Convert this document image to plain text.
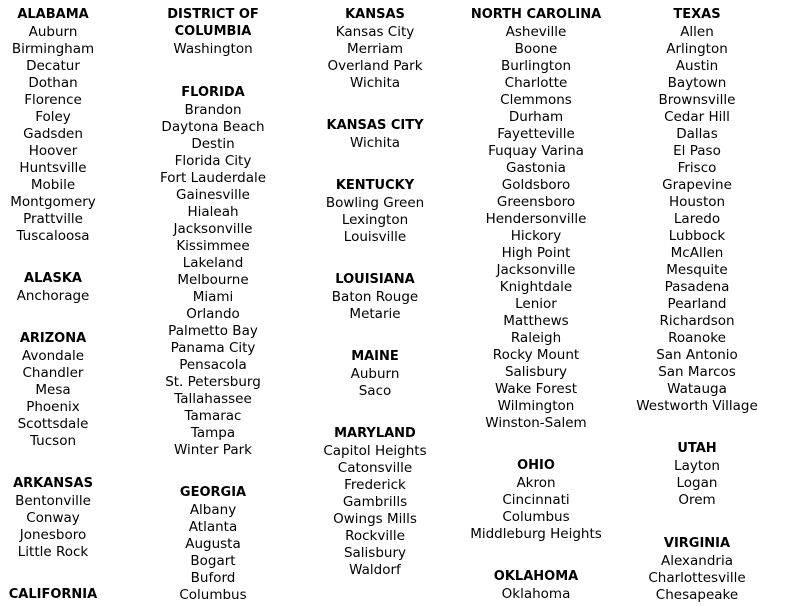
ALABAMA
Auburn
Birmingham
Decatur
Dothan
Florence
Foley
Gadsden
Hoover
Huntsville
Mobile
Montgomery
Prattville
Tuscaloosa
ALASKA
Anchorage
ARIZONA
Avondale
Chandler
Mesa
Phoenix
Scottsdale
Tucson
ARKANSAS
Bentonville
Conway
Jonesboro
Little Rock
CALIFORNIA
DISTRICT OF
COLUMBIA
Washington
FLORIDA
Brandon
Daytona Beach
Destin
Florida City
Fort Lauderdale
Gainesville
Hialeah
Jacksonville
Kissimmee
Lakeland
Melbourne
Miami
Orlando
Palmetto Bay
Panama City
Pensacola
St. Petersburg
Tallahassee
Tamarac
Tampa
Winter Park
GEORGIA
Albany
Atlanta
Augusta
Bogart
Buford
Columbus
KANSAS
Kansas City
Merriam
Overland Park
Wichita
KANSAS CITY
Wichita
KENTUCKY
Bowling Green
Lexington
Louisville
LOUISIANA
Baton Rouge
Metarie
MAINE
Auburn
Saco
MARYLAND
Capitol Heights
Catonsville
Frederick
Gambrills
Owings Mills
Rockville
Salisbury
Waldorf
NORTH CAROLINA
Asheville
Boone
Burlington
Charlotte
Clemmons
Durham
Fayetteville
Fuquay Varina
Gastonia
Goldsboro
Greensboro
Hendersonville
Hickory
High Point
Jacksonville
Knightdale
Lenior
Matthews
Raleigh
Rocky Mount
Salisbury
Wake Forest
Wilmington
Winston-Salem
OHIO
Akron
Cincinnati
Columbus
Middleburg Heights
OKLAHOMA
Oklahoma
TEXAS
Allen
Arlington
Austin
Baytown
Brownsville
Cedar Hill
Dallas
El Paso
Frisco
Grapevine
Houston
Laredo
Lubbock
McAllen
Mesquite
Pasadena
Pearland
Richardson
Roanoke
San Antonio
San Marcos
Watauga
Westworth Village
UTAH
Layton
Logan
Orem
VIRGINIA
Alexandria
Charlottesville
Chesapeake
